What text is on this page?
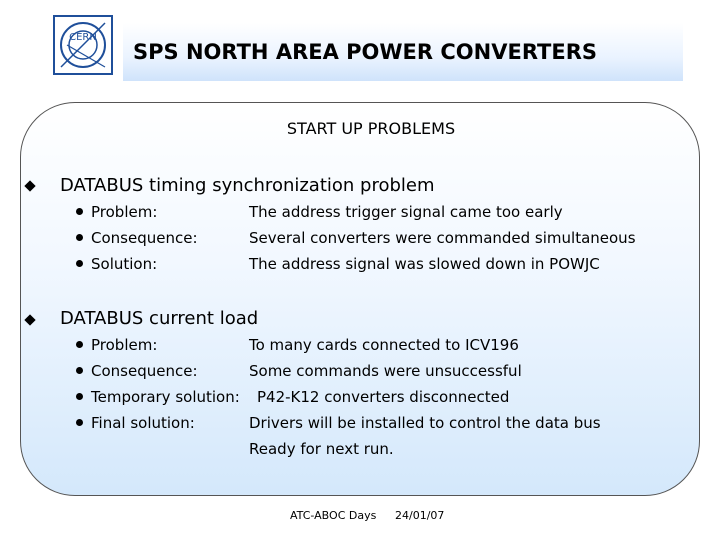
CERN
SPS NORTH AREA POWER CONVERTERS
START UP PROBLEMS
DATABUS timing synchronization problem
Problem:	The address trigger signal came too early
Consequence:	Several converters were commanded simultaneous
Solution:	The address signal was slowed down in POWJC
DATABUS current load
Problem:	To many cards connected to ICV196
Consequence:	Some commands were unsuccessful
Temporary solution: P42-K12 converters disconnected
Final solution:	Drivers will be installed to control the data bus
Ready for next run.
ATC-ABOC Days 24/01/07
